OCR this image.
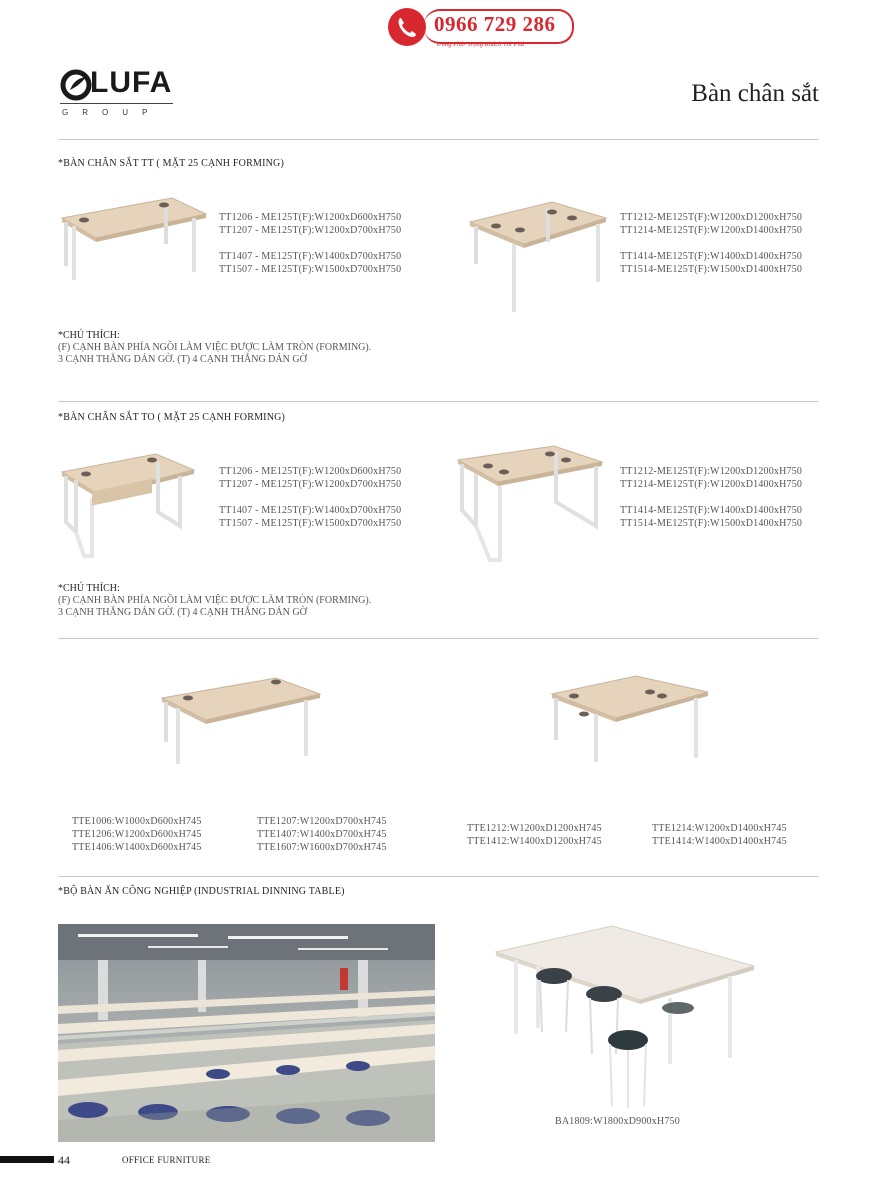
0966 729 286
Trọng Phú- Trọng Khách Thì Phú
LUFA
GROUP
Bàn chân sắt
*BÀN CHÂN SẮT TT ( MẶT 25 CẠNH FORMING)
TT1206 - ME125T(F):W1200xD600xH750
TT1207 - ME125T(F):W1200xD700xH750
TT1407 - ME125T(F):W1400xD700xH750
TT1507 - ME125T(F):W1500xD700xH750
TT1212-ME125T(F):W1200xD1200xH750
TT1214-ME125T(F):W1200xD1400xH750
TT1414-ME125T(F):W1400xD1400xH750
TT1514-ME125T(F):W1500xD1400xH750
*CHÚ THÍCH:
(F) CẠNH BÀN PHÍA NGỒI LÀM VIỆC ĐƯỢC LÀM TRÒN (FORMING).
3 CẠNH THẲNG DÁN GỜ. (T) 4 CẠNH THẲNG DÁN GỜ
*BÀN CHÂN SẮT TO ( MẶT 25 CẠNH FORMING)
TT1206 - ME125T(F):W1200xD600xH750
TT1207 - ME125T(F):W1200xD700xH750
TT1407 - ME125T(F):W1400xD700xH750
TT1507 - ME125T(F):W1500xD700xH750
TT1212-ME125T(F):W1200xD1200xH750
TT1214-ME125T(F):W1200xD1400xH750
TT1414-ME125T(F):W1400xD1400xH750
TT1514-ME125T(F):W1500xD1400xH750
*CHÚ THÍCH:
(F) CẠNH BÀN PHÍA NGỒI LÀM VIỆC ĐƯỢC LÀM TRÒN (FORMING).
3 CẠNH THẲNG DÁN GỜ. (T) 4 CẠNH THẲNG DÁN GỜ
TTE1006:W1000xD600xH745
TTE1206:W1200xD600xH745
TTE1406:W1400xD600xH745
TTE1207:W1200xD700xH745
TTE1407:W1400xD700xH745
TTE1607:W1600xD700xH745
TTE1212:W1200xD1200xH745
TTE1412:W1400xD1200xH745
TTE1214:W1200xD1400xH745
TTE1414:W1400xD1400xH745
*BỘ BÀN ĂN CÔNG NGHIỆP (INDUSTRIAL DINNING TABLE)
BA1809:W1800xD900xH750
44	OFFICE FURNITURE
